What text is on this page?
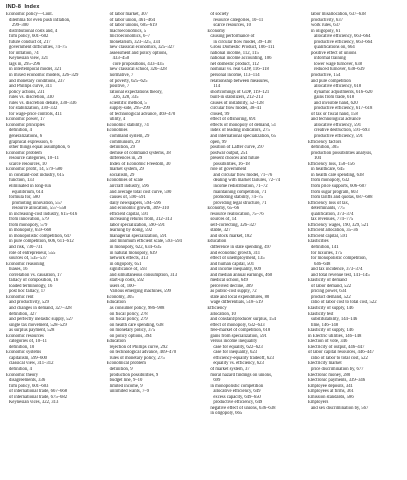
IND-8 Index
Economic policy—Cont.
dilemma for even push inflation,
299–300
distributional costs and, 4
firm policy, 601–602
future conduct of, 217
government difficulties, 74–75
for inflation, 74
Keynesian view, 321
lags in, 295–296
in intertemporal model, 321
in mixed economic models, 326–329
and monetary conditions, 237
and Phillips curve, 311
policy actions, 231
rules vs. discretion, 330
rules vs. discretion debate, 330–336
for stabilization, 330–332
for wage-price controls, 411
Economic power, 17
Economic principles
definition, 4
generalizations, 6
graphical expression, 6
other things equal assumption, 6
Economic problem
resource categories, 10–11
scarce resources, 10
Economic profit, 14, 579–580
in constant-cost industry, 615
function, 133
eliminated in long-run
equilibrium, 614
formula for, 580
promoting innovation, 557
resource allocation, 557–558
in increasing-cost industry, 615–616
from innovation, 579
from monopoly, 579
in monopoly, 659–660
in monopolistic competition, 647
in pure competition, 606, 611–612
and risk, 730–731
role of entrepreneur, 555
sources of, 535–537
Economic reasoning
biases, 16
correlation vs. causation, 17
fallacy of composition, 16
loaded terminology, 16
post hoc fallacy, 17
Economic rent
and productivity, 529
and changes in demand, 327–328
definition, 327
and perfectly inelastic supply, 527
single tax movement, 528–529
as surplus payment, 528
Economic resources
categories of, 10–11
definition, 10
Economic systems
capitalism, 599–600
classical view, 311–312
definition, 4
Economic theory
disagreements, 336
firm policy, 601–603
of international trade, 667–668
of international trade, 675–682
Keynesian vices, 322, 313
of labor market, 307
of labor union, 461–464
of labor unions, 605–619
macroeconomics, 5
microeconomics, 6–7
monetarism, 323–325, 334
new classical economics, 325–327
assessment and policy options,
433–450
core propositions, 433–435
new classical school, 326–328
normative, 7
of poverty, 625–625
positive, 7
rational expectations theory,
326, 328, 335
scientific method, 5
supply-side, 295–299
of technological advance, 469–470
utility, 4
Economic stability, 74
Economies
command system, 29
communism, 29
definition, 29
demise of command systems, 38
differences in, 29
Index of Economic Freedom, 30
market system, 29
socialism, 29
Economies of scale
aircraft industry, 596
and average total cost curve, 590
causes of, 590–591
daily newspapers, 594–596
and economic growth, 309–310
efficient capital, 591
increasing returns from, 312–313
labor specialization, 590–591
learning by doing, 592
managerial specialization, 591
and minimum efficient scale, 593–594
in monopoly, 622, 634–635
in natural monopoly, 639
network effects, 313
in oligopoly, 651
significance of, 593
and simultaneous consumption, 313
start-up costs, 592
users of, 100–
Various emerging machines, 599
Economy, 305
Education
as consumer policy, 986–988
on fiscal policy, 278
on fiscal policy, 279
on health care spending, 638
on monetary policy, 375
on policy options, 394
Education
rejection of Phillips curve, 292
on technological advance, 469–470
rules of monetary policy, 275
Economical problem
definition, 9
production possibilities, 9
budget line, 9–10
limited income, 9
unlimited wants, 7–9
of society
resource categories, 10–11
scarce resources, 10
Economy
causing performance of
in circular flow model, 39–138
Gross Domestic Product, 106–111
national income, 112, 115
national income accounting, 106
net domestic product, 112
nominal vs. real GDP, 116–118
personal income, 113–114
relationship between measures,
114
shortcomings of GDP, 119–121
built-in stabilizers, 212–213
causes of instability, 52–128
circular flow model, 38–41
closed, 99
effect of offshoring, 691
effects of monopoly of demand, 51
index of leading indicators, 275
and international specialization, 65
open, 99
position of Laffer curve, 297
postwar output, 251
present choices and future
possibilities, 16–18
role of government
and circular flow model, 71–76
dealing with market failures, 72–74
income redistribution, 71–72
maintaining competition, 71
promoting stability, 74–75
providing legal structure, 71
Economy, 65–66
resource reallocation, 75–76
sources of, 14
self-correcting, 326–327
stable, 327
and stock market, 182
Education
difference in state spending, 497
and economic growth, 311
effect of unemployment, 135
and human capital, 501
and income inequality, 609
and median annual earnings, 460
medical school, 649
perceived decline, 309
as public-cost supply, 72
state and local expenditures, 80
wage differentials, 518–519
Efficiency
allocation, 10
and constant/producer surplus, 154
effect of monopoly, 632–633
free-market of competition, 618
gains from specialization, 591
versus income inequality
case for equality, 622–623
case for inequality, 623
efficiency-equality tradeoff, 623
equality vs. efficiency, 623
of market system, 37
moral hazard findings on unions,
699
in monopolistic competition
allocative efficiency, 649
excess capacity, 649–650
productive efficiency, 649
negative effect of unions, 636–638
in oligopoly, 665
labor misallocation, 637–638
productivity, 637
work rules, 637
in oligopoly, 61
allocative efficiency, 663–664
productive efficiency, 663–664
qualifications on, 664
positive effect of unions
informal training
lower wage turnover, 638
reduced turnover, 638–639
productive, 154
and pure competition
allocative efficiency, 618
dynamic adjustments, 616–620
gains from trade, 618
and invisible hand, 620
productive efficiency, 617–618
of tax or fiscal hand, 158
and technological advance
allocative efficiency, 591
creative destruction, 591–693
productive efficiency, 591
Efficiency factors
definition, 305
production possibilities analysis,
104
Efficiency loss, 150–156
in healthcare, 645
in health care spending, 638
from monopoly, 632
from price supports, 606–607
from sugar program, 603
from tariffs and quotas, 687–688
Efficiency loss of tax,
determinants, 775
qualification, 373–374
tax revenues, 774–775
Efficiency wages, 190, 329, 521
Efficient allocation, 35–36
Efficient capital, 591
Elasticities
definition, 141
for luxuries, 175
for monopolistic competition,
646–648
and tax incidence, 373–374
and total revenue test, 141–145
Elasticity of demand
of labor demand, 522
pricing power, 634
product demand, 522
ratio of labor cost to total cost, 522
Elasticity of supply, 146
Elasticity test
substitutability, 144–146
time, 146–148
Elasticity of supply, 146
in Electric utilities, 146–148
Election of vote, 346
Electricity of output, 446–447
of labor capital resources, 446–447
ratio of labor to total cost, 522
Electricity market
price discrimination by, 677
Electronic money, 280
Electronic payments, 339–346
Employee deposits, 341
Employees at firms, 361
Emission standards, 586
Employers
and sex discrimination by, 567
